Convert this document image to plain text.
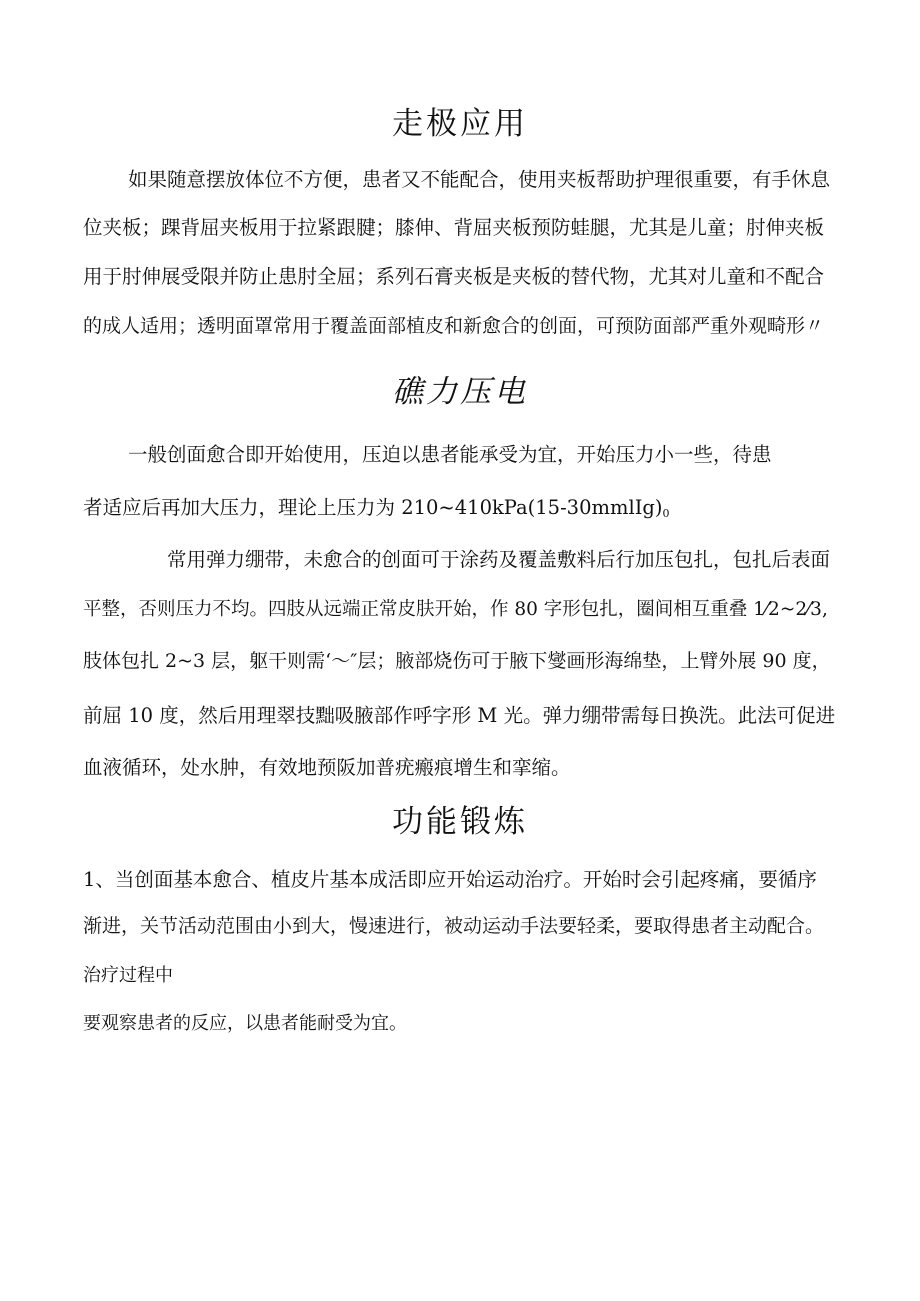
走极应用

如果随意摆放体位不方便，患者又不能配合，使用夹板帮助护理很重要，有手休息

位夹板；踝背屈夹板用于拉紧跟腱；膝伸、背屈夹板预防蛙腿，尤其是儿童；肘伸夹板

用于肘伸展受限并防止患肘全屈；系列石膏夹板是夹板的替代物，尤其对儿童和不配合

的成人适用；透明面罩常用于覆盖面部植皮和新愈合的创面，可预防面部严重外观畸形〃

礁力压电

一般创面愈合即开始使用，压迫以患者能承受为宜，开始压力小一些，待患

者适应后再加大压力，理论上压力为 $210\sim 410kPa(15-30mmlIg)_0$

常用弹力绷带，未愈合的创面可于涂药及覆盖敷料后行加压包扎，包扎后表面

平整，否则压力不均。四肢从远端正常皮肤开始，作 80 字形包扎，圈间相互重叠 1⁄2~2⁄3,

肢体包扎 2~3 层，躯干则需‘～″层；腋部烧伤可于腋下燮画形海绵垫，上臂外展 90 度，

前屈 10 度，然后用理翠技黜吸腋部作呼字形 M 光。弹力绷带需每日换洗。此法可促进

血液循环，处水肿，有效地预阪加普疣瘢痕增生和挛缩。

功能锻炼

1、当创面基本愈合、植皮片基本成活即应开始运动治疗。开始时会引起疼痛，要循序

渐进，关节活动范围由小到大，慢速进行，被动运动手法要轻柔，要取得患者主动配合。

治疗过程中

要观察患者的反应，以患者能耐受为宜。
